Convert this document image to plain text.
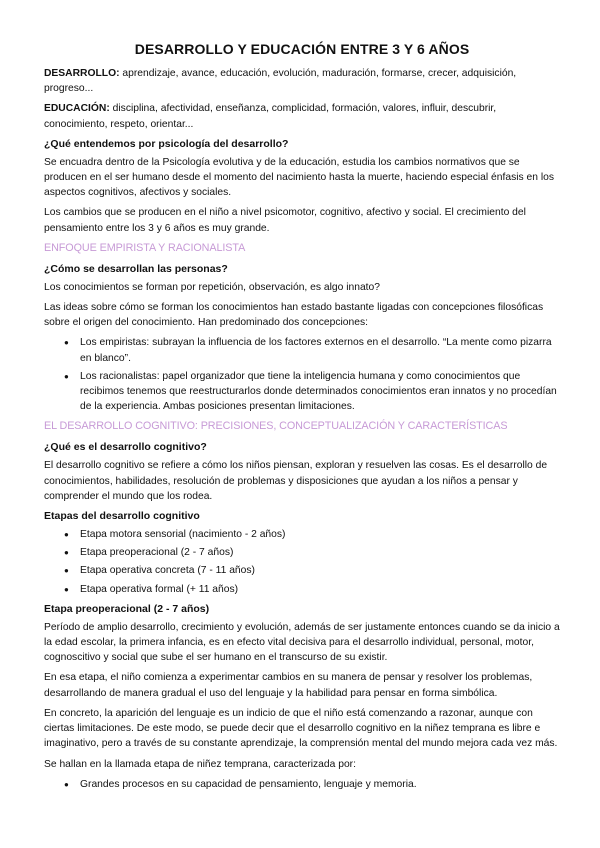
DESARROLLO Y EDUCACIÓN ENTRE 3 Y 6 AÑOS

DESARROLLO: aprendizaje, avance, educación, evolución, maduración, formarse, crecer, adquisición, progreso...

EDUCACIÓN: disciplina, afectividad, enseñanza, complicidad, formación, valores, influir, descubrir, conocimiento, respeto, orientar...

¿Qué entendemos por psicología del desarrollo?

Se encuadra dentro de la Psicología evolutiva y de la educación, estudia los cambios normativos que se producen en el ser humano desde el momento del nacimiento hasta la muerte, haciendo especial énfasis en los aspectos cognitivos, afectivos y sociales.

Los cambios que se producen en el niño a nivel psicomotor, cognitivo, afectivo y social. El crecimiento del pensamiento entre los 3 y 6 años es muy grande.

ENFOQUE EMPIRISTA Y RACIONALISTA
¿Cómo se desarrollan las personas?

Los conocimientos se forman por repetición, observación, es algo innato?

Las ideas sobre cómo se forman los conocimientos han estado bastante ligadas con concepciones filosóficas sobre el origen del conocimiento. Han predominado dos concepciones:

● Los empiristas: subrayan la influencia de los factores externos en el desarrollo. “La mente como pizarra en blanco”.
● Los racionalistas: papel organizador que tiene la inteligencia humana y como conocimientos que recibimos tenemos que reestructurarlos donde determinados conocimientos eran innatos y no procedían de la experiencia. Ambas posiciones presentan limitaciones.
EL DESARROLLO COGNITIVO: PRECISIONES, CONCEPTUALIZACIÓN Y CARACTERÍSTICAS
¿Qué es el desarrollo cognitivo?

El desarrollo cognitivo se refiere a cómo los niños piensan, exploran y resuelven las cosas. Es el desarrollo de conocimientos, habilidades, resolución de problemas y disposiciones que ayudan a los niños a pensar y comprender el mundo que los rodea.

Etapas del desarrollo cognitivo
● Etapa motora sensorial (nacimiento - 2 años)
● Etapa preoperacional (2 - 7 años)
● Etapa operativa concreta (7 - 11 años)
● Etapa operativa formal (+ 11 años)
Etapa preoperacional (2 - 7 años)

Período de amplio desarrollo, crecimiento y evolución, además de ser justamente entonces cuando se da inicio a la edad escolar, la primera infancia, es en efecto vital decisiva para el desarrollo individual, personal, motor, cognoscitivo y social que sube el ser humano en el transcurso de su existir.

En esa etapa, el niño comienza a experimentar cambios en su manera de pensar y resolver los problemas, desarrollando de manera gradual el uso del lenguaje y la habilidad para pensar en forma simbólica.

En concreto, la aparición del lenguaje es un indicio de que el niño está comenzando a razonar, aunque con ciertas limitaciones. De este modo, se puede decir que el desarrollo cognitivo en la niñez temprana es libre e imaginativo, pero a través de su constante aprendizaje, la comprensión mental del mundo mejora cada vez más.

Se hallan en la llamada etapa de niñez temprana, caracterizada por:

● Grandes procesos en su capacidad de pensamiento, lenguaje y memoria.
